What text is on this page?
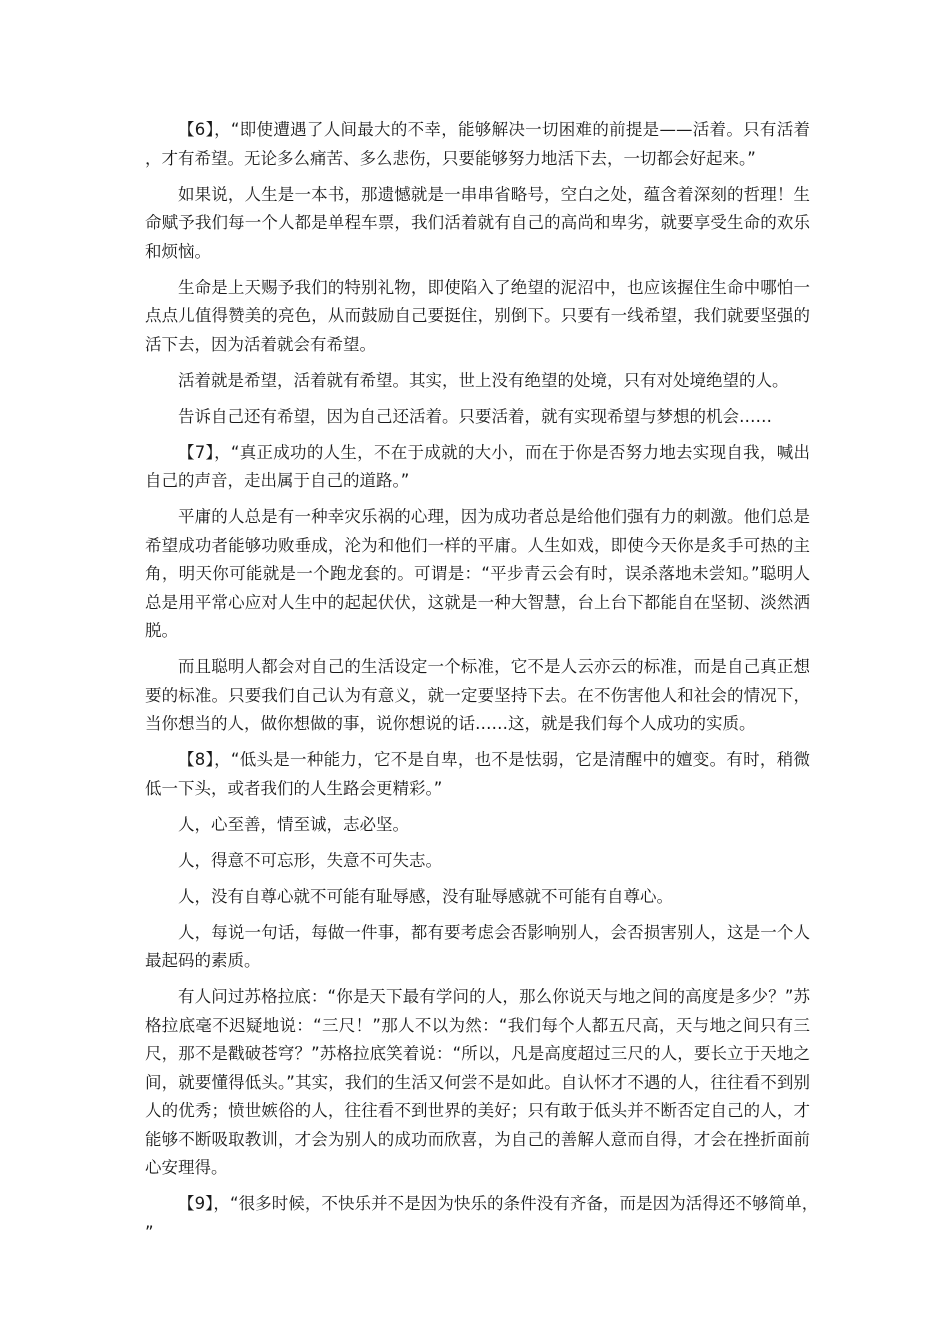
【6】，“即使遭遇了人间最大的不幸，能够解决一切困难的前提是——活着。只有活着，才有希望。无论多么痛苦、多么悲伤，只要能够努力地活下去，一切都会好起来。”

如果说，人生是一本书，那遗憾就是一串串省略号，空白之处，蕴含着深刻的哲理！生命赋予我们每一个人都是单程车票，我们活着就有自己的高尚和卑劣，就要享受生命的欢乐和烦恼。

生命是上天赐予我们的特别礼物，即使陷入了绝望的泥沼中，也应该握住生命中哪怕一点点儿值得赞美的亮色，从而鼓励自己要挺住，别倒下。只要有一线希望，我们就要坚强的活下去，因为活着就会有希望。

活着就是希望，活着就有希望。其实，世上没有绝望的处境，只有对处境绝望的人。

告诉自己还有希望，因为自己还活着。只要活着，就有实现希望与梦想的机会……

【7】，“真正成功的人生，不在于成就的大小，而在于你是否努力地去实现自我，喊出自己的声音，走出属于自己的道路。”

平庸的人总是有一种幸灾乐祸的心理，因为成功者总是给他们强有力的刺激。他们总是希望成功者能够功败垂成，沦为和他们一样的平庸。人生如戏，即使今天你是炙手可热的主角，明天你可能就是一个跑龙套的。可谓是：“平步青云会有时，误杀落地未尝知。”聪明人总是用平常心应对人生中的起起伏伏，这就是一种大智慧，台上台下都能自在坚韧、淡然洒脱。

而且聪明人都会对自己的生活设定一个标准，它不是人云亦云的标准，而是自己真正想要的标准。只要我们自己认为有意义，就一定要坚持下去。在不伤害他人和社会的情况下，当你想当的人，做你想做的事，说你想说的话……这，就是我们每个人成功的实质。

【8】，“低头是一种能力，它不是自卑，也不是怯弱，它是清醒中的嬗变。有时，稍微低一下头，或者我们的人生路会更精彩。”

人，心至善，情至诚，志必坚。

人，得意不可忘形，失意不可失志。

人，没有自尊心就不可能有耻辱感，没有耻辱感就不可能有自尊心。

人，每说一句话，每做一件事，都有要考虑会否影响别人，会否损害别人，这是一个人最起码的素质。

有人问过苏格拉底：“你是天下最有学问的人，那么你说天与地之间的高度是多少？”苏格拉底毫不迟疑地说：“三尺！”那人不以为然：“我们每个人都五尺高，天与地之间只有三尺，那不是戳破苍穹？”苏格拉底笑着说：“所以，凡是高度超过三尺的人，要长立于天地之间，就要懂得低头。”其实，我们的生活又何尝不是如此。自认怀才不遇的人，往往看不到别人的优秀；愤世嫉俗的人，往往看不到世界的美好；只有敢于低头并不断否定自己的人，才能够不断吸取教训，才会为别人的成功而欣喜，为自己的善解人意而自得，才会在挫折面前心安理得。

【9】，“很多时候，不快乐并不是因为快乐的条件没有齐备，而是因为活得还不够简单，”
